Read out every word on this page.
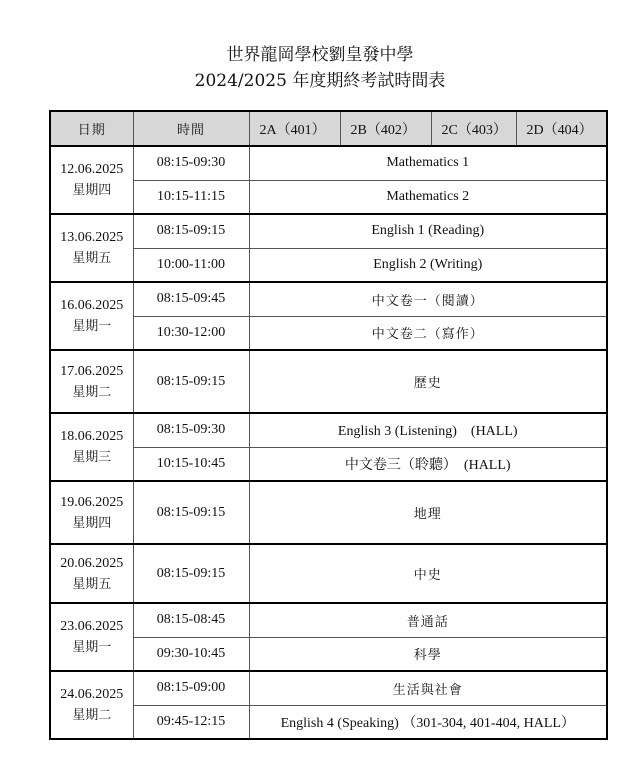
世界龍岡學校劉皇發中學
2024/2025 年度期終考試時間表
日期	時間	2A（401）	2B（402）	2C（403）	2D（404）

12.06.2025
星期四	08:15-09:30	Mathematics 1			
	10:15-11:15	Mathematics 2			

13.06.2025
星期五	08:15-09:15	English 1 (Reading)			
	10:00-11:00	English 2 (Writing)			

16.06.2025
星期一	08:15-09:45	中文卷一（閱讀）			
	10:30-12:00	中文卷二（寫作）			

17.06.2025
星期二	08:15-09:15	歷史			

18.06.2025
星期三	08:15-09:30	English 3 (Listening)　(HALL)			
	10:15-10:45	中文卷三（聆聽）　(HALL)			

19.06.2025
星期四	08:15-09:15	地理			

20.06.2025
星期五	08:15-09:15	中史			

23.06.2025
星期一	08:15-08:45	普通話			
	09:30-10:45	科學			

24.06.2025
星期二	08:15-09:00	生活與社會			
	09:45-12:15	English 4 (Speaking) （301-304, 401-404, HALL）			
